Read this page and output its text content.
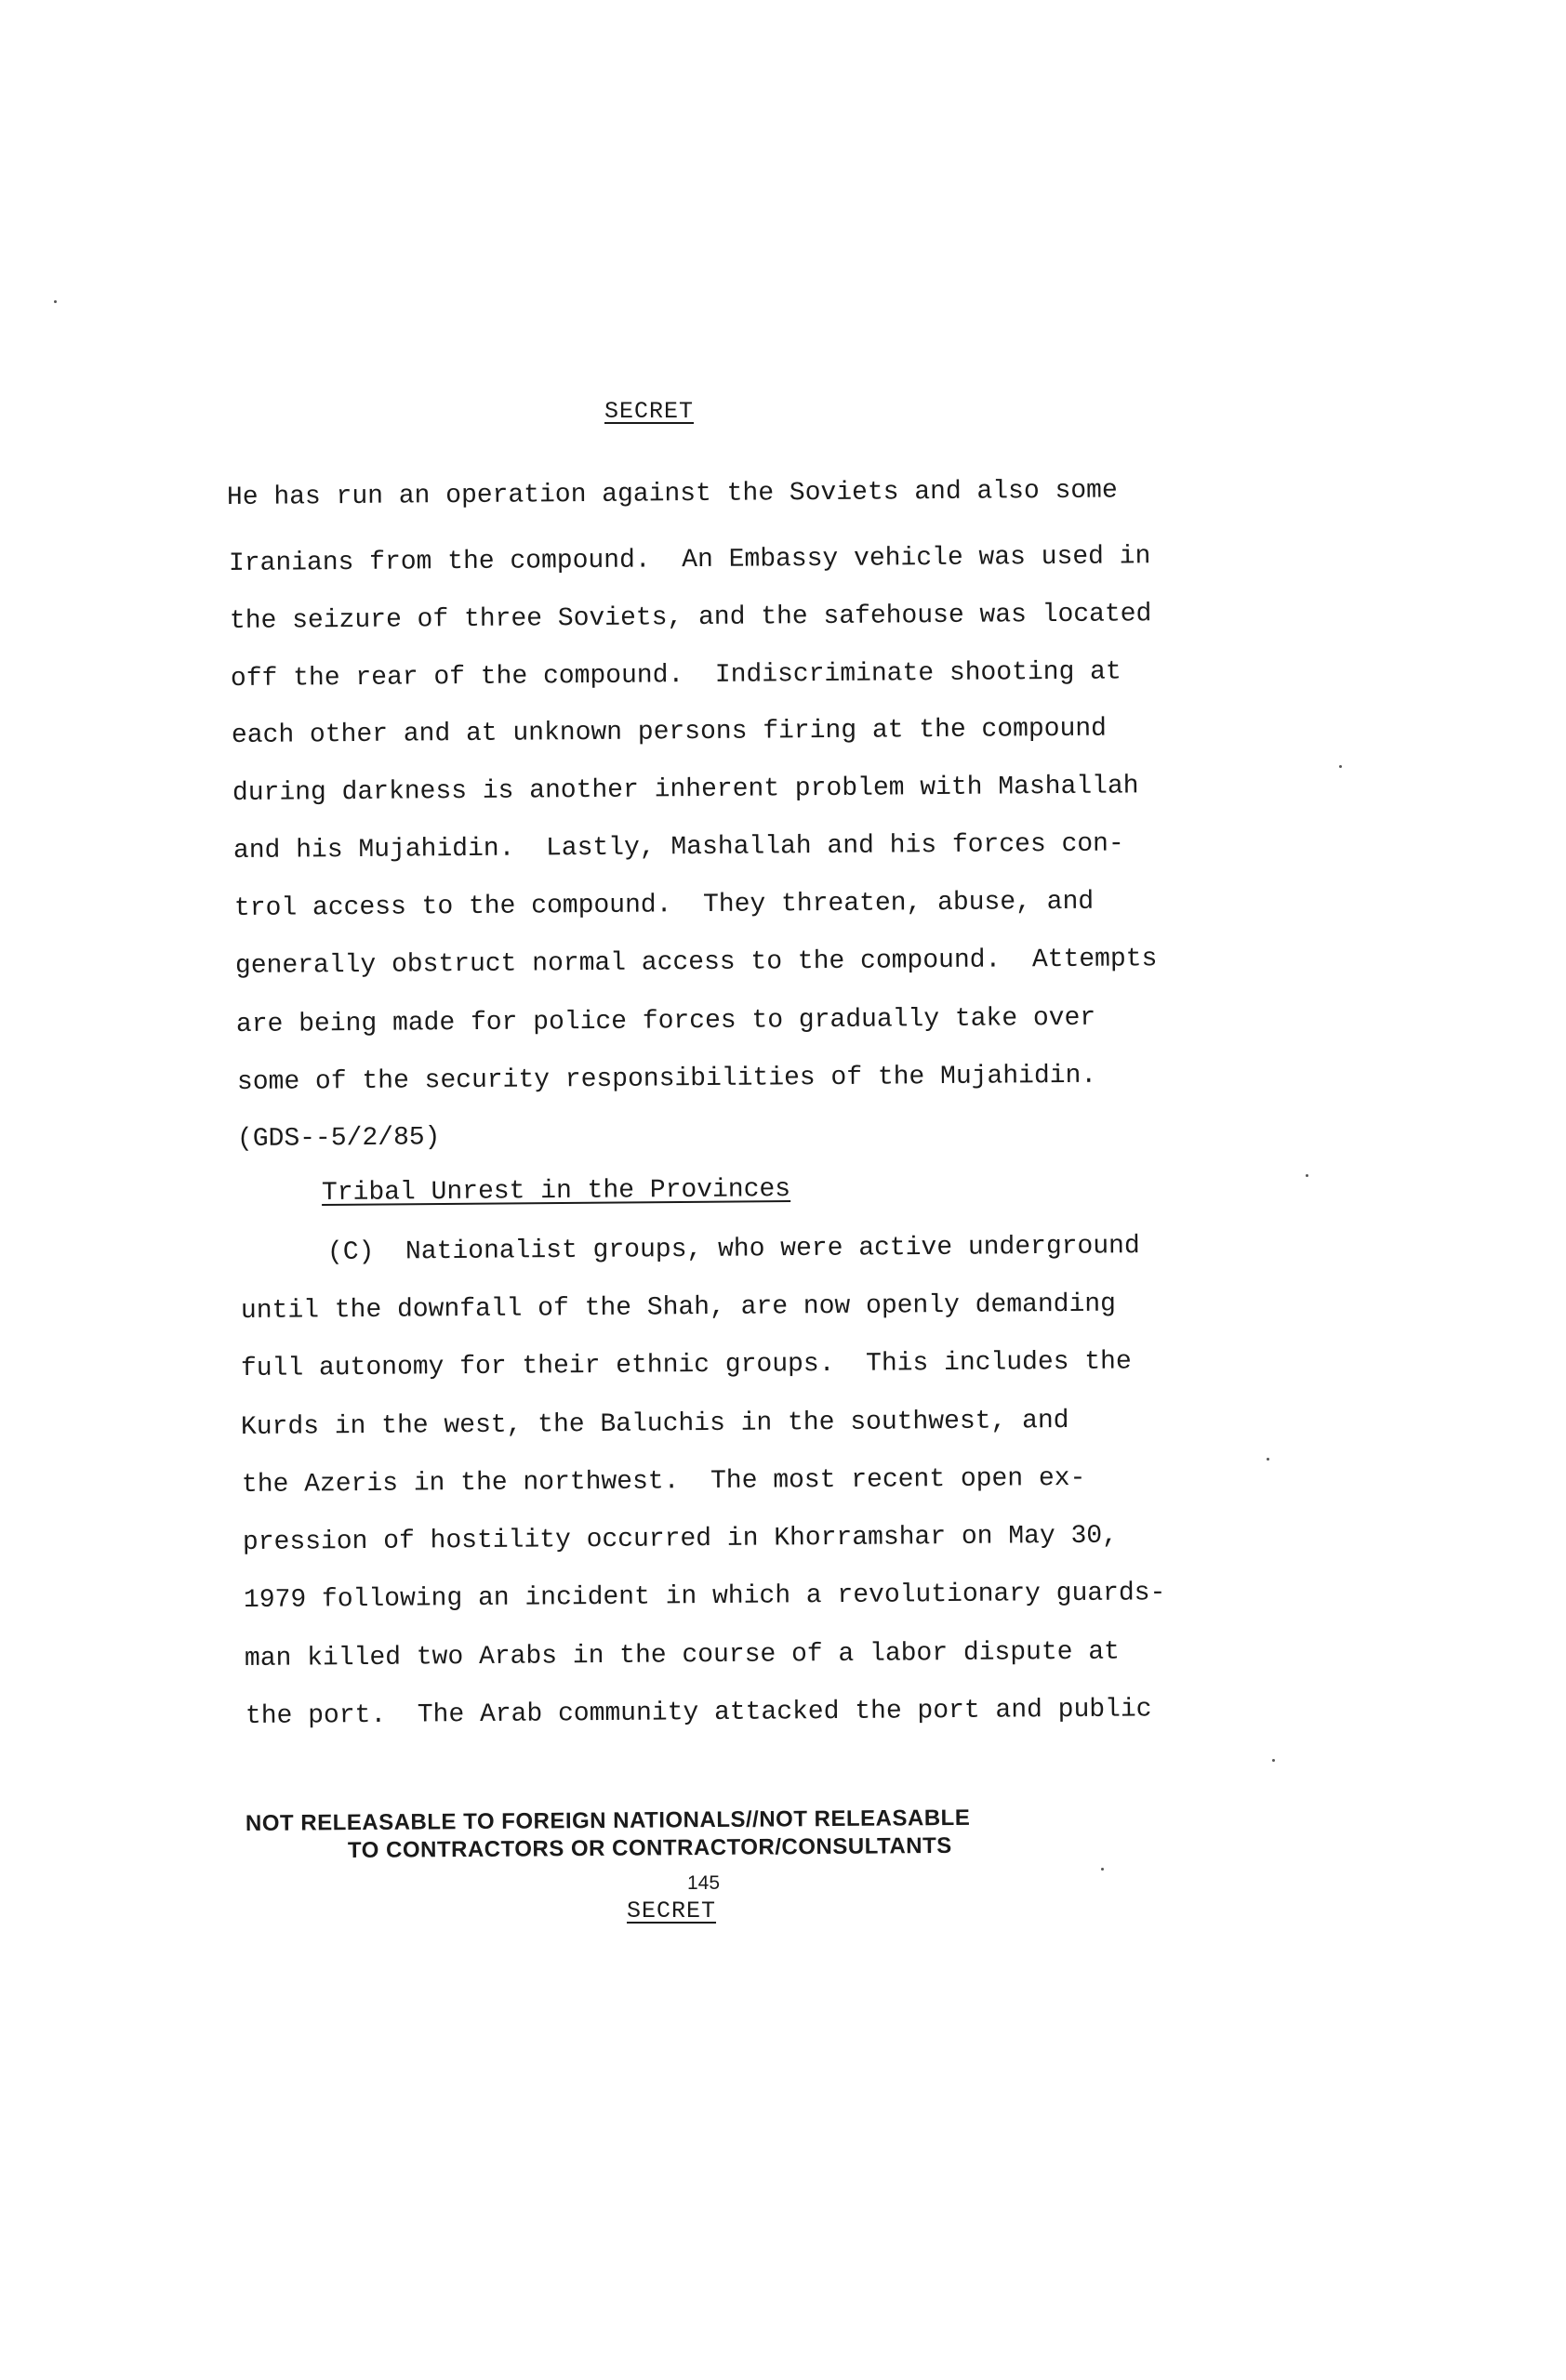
SECRET
He has run an operation against the Soviets and also some
Iranians from the compound.  An Embassy vehicle was used in
the seizure of three Soviets, and the safehouse was located
off the rear of the compound.  Indiscriminate shooting at
each other and at unknown persons firing at the compound
during darkness is another inherent problem with Mashallah
and his Mujahidin.  Lastly, Mashallah and his forces con-
trol access to the compound.  They threaten, abuse, and
generally obstruct normal access to the compound.  Attempts
are being made for police forces to gradually take over
some of the security responsibilities of the Mujahidin.
(GDS--5/2/85)
Tribal Unrest in the Provinces
(C)  Nationalist groups, who were active underground
until the downfall of the Shah, are now openly demanding
full autonomy for their ethnic groups.  This includes the
Kurds in the west, the Baluchis in the southwest, and
the Azeris in the northwest.  The most recent open ex-
pression of hostility occurred in Khorramshar on May 30,
1979 following an incident in which a revolutionary guards-
man killed two Arabs in the course of a labor dispute at
the port.  The Arab community attacked the port and public
NOT RELEASABLE TO FOREIGN NATIONALS//NOT RELEASABLE
TO CONTRACTORS OR CONTRACTOR/CONSULTANTS
145
SECRET
